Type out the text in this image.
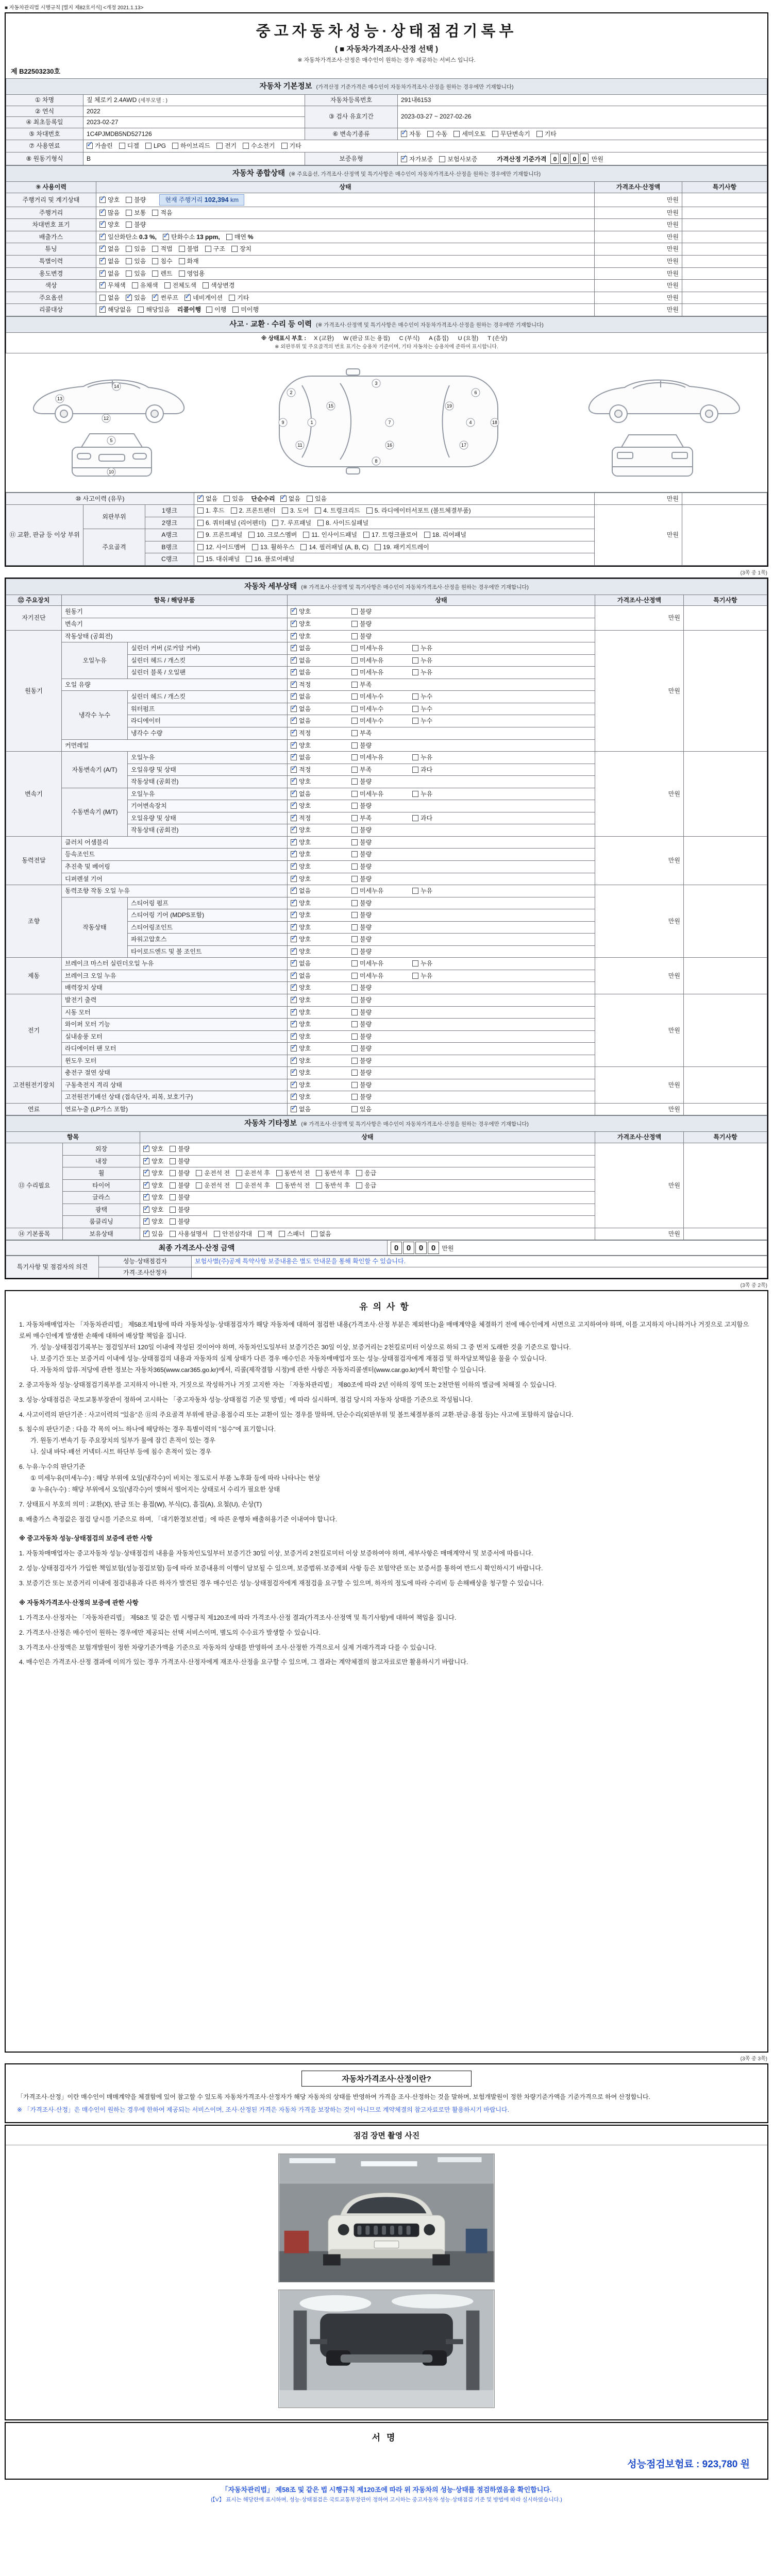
■ 자동차관리법 시행규칙 [별지 제82호서식] <개정 2021.1.13>
중고자동차성능·상태점검기록부
( ■ 자동차가격조사·산정 선택 )
※ 자동차가격조사·산정은 매수인이 원하는 경우 제공하는 서비스 입니다.
제 B22503230호
자동차 기본정보 (가격산정 기준가격은 매수인이 자동차가격조사·산정을 원하는 경우에만 기재합니다)			
① 차명	짚 체로키 2.4AWD (세부모델 : )	자동차등록번호	291내6153
② 연식	2022	③ 검사 유효기간	2023-03-27 ~ 2027-02-26
④ 최초등록일	2023-02-27		
⑤ 차대번호	1C4PJMDB5ND527126	⑥ 변속기종류	✓자동 수동 세미오토 무단변속기 기타
⑦ 사용연료	✓가솔린 디젤 LPG 하이브리드 전기 수소전기 기타
⑧ 원동기형식	B	보증유형	✓자가보증 보험사보증 가격산정 기준가격 0 0 0 0 만원
자동차 종합상태 (※ 주요옵션, 가격조사·산정액 및 특기사항은 매수인이 자동차가격조사·산정을 원하는 경우에만 기재합니다)			
⑨ 사용이력	상태	가격조사·산정액	특기사항
주행거리 및 계기상태	✓양호 불량 현재 주행거리 102,394 km	만원	
주행거리	✓많음 보통 적음	만원	
차대번호 표기	✓양호 불량	만원	
배출가스	✓일산화탄소 0.3 %, ✓ 탄화수소 13 ppm, 매연 %	만원	
튜닝	✓없음 있음 적법 불법 구조 장치	만원	
특별이력	✓없음 있음 침수 화재	만원	
용도변경	✓없음 있음 렌트 영업용	만원	
색상	✓무채색 유채색 전체도색 색상변경	만원	
주요옵션	없음 ✓ 있음 ✓ 썬루프 ✓ 네비게이션 기타	만원	
리콜대상	✓해당없음 해당있음 리콜이행 이행 미이행	만원	
사고 · 교환 · 수리 등 이력 (※ 가격조사·산정액 및 특기사항은 매수인이 자동차가격조사·산정을 원하는 경우에만 기재합니다)
※ 상태표시 부호 : X (교환) W (판금 또는 용접) C (부식) A (흠집) U (요철) T (손상)
※ 외판부위 및 주요골격의 번호 표기는 승용차 기준이며, 기타 자동차는 승용차에 준하여 표시합니다.
1
2
3
4
5
6
7
8
9
10
11
12
13
14
15
16	17
18
19
⑩ 사고이력 (유무)	✓없음 있음 단순수리 ✓ 없음 있음	만원	
⑪ 교환, 판금 등 이상 부위	외판부위	1랭크	1. 후드 2. 프론트펜더 3. 도어 4. 트렁크리드 5. 라디에이터서포트 (볼트체결부품)	만원	
		2랭크	6. 쿼터패널 (리어펜더) 7. 루프패널 8. 사이드실패널		
	주요골격	A랭크	9. 프론트패널 10. 크로스멤버 11. 인사이드패널 17. 트렁크플로어 18. 리어패널		
		B랭크	12. 사이드멤버 13. 휠하우스 14. 필러패널 (A, B, C) 19. 패키지트레이		
		C랭크	15. 대쉬패널 16. 플로어패널		
(3쪽 중 1쪽)
자동차 세부상태 (※ 가격조사·산정액 및 특기사항은 매수인이 자동차가격조사·산정을 원하는 경우에만 기재합니다)					
⑫ 주요장치	항목 / 해당부품		상태	가격조사·산정액	특기사항
자기진단	원동기	✓양호 불량	만원	
	변속기	✓양호 불량
원동기	작동상태 (공회전)	✓양호 불량	만원	
	오일누유	실린더 커버 (로커암 커버)	✓없음 미세누유 누유
		실린더 헤드 / 개스킷	✓없음 미세누유 누유
		실린더 블록 / 오일팬	✓없음 미세누유 누유
	오일 유량	✓적정 부족
	냉각수 누수	실린더 헤드 / 개스킷	✓없음 미세누수 누수
		워터펌프	✓없음 미세누수 누수
		라디에이터	✓없음 미세누수 누수
		냉각수 수량	✓적정 부족
	커먼레일	✓양호 불량
변속기	자동변속기 (A/T)	오일누유	✓없음 미세누유 누유	만원	
		오일유량 및 상태	✓적정 부족 과다
		작동상태 (공회전)	✓양호 불량
	수동변속기 (M/T)	오일누유	✓없음 미세누유 누유
		기어변속장치	✓양호 불량
		오일유량 및 상태	✓적정 부족 과다
		작동상태 (공회전)	✓양호 불량
동력전달	클러치 어셈블리	✓양호 불량	만원	
	등속조인트	✓양호 불량
	추진축 및 베어링	✓양호 불량
	디퍼렌셜 기어	✓양호 불량
조향	동력조향 작동 오일 누유	✓없음 미세누유 누유	만원	
	작동상태	스티어링 펌프	✓양호 불량
		스티어링 기어 (MDPS포함)	✓양호 불량
		스티어링조인트	✓양호 불량
		파워고압호스	✓양호 불량
		타이로드엔드 및 볼 조인트	✓양호 불량
제동	브레이크 마스터 실린더오일 누유	✓없음 미세누유 누유	만원	
	브레이크 오일 누유	✓없음 미세누유 누유
	배력장치 상태	✓양호 불량
전기	발전기 출력	✓양호 불량	만원	
	시동 모터	✓양호 불량
	와이퍼 모터 기능	✓양호 불량
	실내송풍 모터	✓양호 불량
	라디에이터 팬 모터	✓양호 불량
	윈도우 모터	✓양호 불량
고전원전기장치	충전구 절연 상태	✓양호 불량	만원	
	구동축전지 격리 상태	✓양호 불량
	고전원전기배선 상태 (접속단자, 피복, 보호기구)	✓양호 불량
연료	연료누출 (LP가스 포함)	✓없음 있음	만원	
자동차 기타정보 (※ 가격조사·산정액 및 특기사항은 매수인이 자동차가격조사·산정을 원하는 경우에만 기재합니다)				
항목		상태	가격조사·산정액	특기사항
⑬ 수리필요	외장	✓양호 불량	만원	
	내장	✓양호 불량
	휠	✓양호 불량 운전석 전 운전석 후 동반석 전 동반석 후 응급
	타이어	✓양호 불량 운전석 전 운전석 후 동반석 전 동반석 후 응급
	글라스	✓양호 불량
	광택	✓양호 불량
	룸클리닝	✓양호 불량
⑭ 기본품목	보유상태	✓있음 사용설명서 안전삼각대 잭 스패너 없음	만원	
최종 가격조사·산정 금액	0 0 0 0 만원
특기사항 및 점검자의 의견	성능·상태점검자	보험사별(주)공제 특약사항 보증내용은 별도 안내문을 통해 확인할 수 있습니다.
	가격·조사산정자	
(3쪽 중 2쪽)
유의사항
1. 자동차매매업자는 「자동차관리법」 제58조제1항에 따라 자동차성능·상태점검자가 해당 자동차에 대하여 점검한 내용(가격조사·산정 부분은 제외한다)을 매매계약을 체결하기 전에 매수인에게 서면으로 고지하여야 하며, 이를 고지하지 아니하거나 거짓으로 고지함으로써 매수인에게 발생한 손해에 대하여 배상할 책임을 집니다.
가. 성능·상태점검기록부는 점검일부터 120일 이내에 작성된 것이어야 하며, 자동차인도일부터 보증기간은 30일 이상, 보증거리는 2천킬로미터 이상으로 하되 그 중 먼저 도래한 것을 기준으로 합니다.
나. 보증기간 또는 보증거리 이내에 성능·상태점검의 내용과 자동차의 실제 상태가 다른 경우 매수인은 자동차매매업자 또는 성능·상태점검자에게 재점검 및 하자담보책임을 물을 수 있습니다.
다. 자동차의 압류·저당에 관한 정보는 자동차365(www.car365.go.kr)에서, 리콜(제작결함 시정)에 관한 사항은 자동차리콜센터(www.car.go.kr)에서 확인할 수 있습니다.
2. 중고자동차 성능·상태점검기록부를 고지하지 아니한 자, 거짓으로 작성하거나 거짓 고지한 자는 「자동차관리법」 제80조에 따라 2년 이하의 징역 또는 2천만원 이하의 벌금에 처해질 수 있습니다.
3. 성능·상태점검은 국토교통부장관이 정하여 고시하는 「중고자동차 성능·상태점검 기준 및 방법」에 따라 실시하며, 점검 당시의 자동차 상태를 기준으로 작성됩니다.
4. 사고이력의 판단기준 : 사고이력의 "있음"은 ⑪의 주요골격 부위에 판금·용접수리 또는 교환이 있는 경우를 말하며, 단순수리(외판부위 및 볼트체결부품의 교환·판금·용접 등)는 사고에 포함하지 않습니다.
5. 침수의 판단기준 : 다음 각 목의 어느 하나에 해당하는 경우 특별이력의 "침수"에 표기합니다.
가. 원동기·변속기 등 주요장치의 일부가 물에 잠긴 흔적이 있는 경우
나. 실내 바닥·배선 커넥터·시트 하단부 등에 침수 흔적이 있는 경우
6. 누유·누수의 판단기준
① 미세누유(미세누수) : 해당 부위에 오일(냉각수)이 비치는 정도로서 부품 노후화 등에 따라 나타나는 현상
② 누유(누수) : 해당 부위에서 오일(냉각수)이 맺혀서 떨어지는 상태로서 수리가 필요한 상태
7. 상태표시 부호의 의미 : 교환(X), 판금 또는 용접(W), 부식(C), 흠집(A), 요철(U), 손상(T)
8. 배출가스 측정값은 점검 당시를 기준으로 하며, 「대기환경보전법」에 따른 운행차 배출허용기준 이내여야 합니다.
※ 중고자동차 성능·상태점검의 보증에 관한 사항
1. 자동차매매업자는 중고자동차 성능·상태점검의 내용을 자동차인도일부터 보증기간 30일 이상, 보증거리 2천킬로미터 이상 보증하여야 하며, 세부사항은 매매계약서 및 보증서에 따릅니다.
2. 성능·상태점검자가 가입한 책임보험(성능점검보험) 등에 따라 보증내용의 이행이 담보될 수 있으며, 보증범위·보증제외 사항 등은 보험약관 또는 보증서를 통하여 반드시 확인하시기 바랍니다.
3. 보증기간 또는 보증거리 이내에 점검내용과 다른 하자가 발견된 경우 매수인은 성능·상태점검자에게 재점검을 요구할 수 있으며, 하자의 정도에 따라 수리비 등 손해배상을 청구할 수 있습니다.
※ 자동차가격조사·산정의 보증에 관한 사항
1. 가격조사·산정자는 「자동차관리법」 제58조 및 같은 법 시행규칙 제120조에 따라 가격조사·산정 결과(가격조사·산정액 및 특기사항)에 대하여 책임을 집니다.
2. 가격조사·산정은 매수인이 원하는 경우에만 제공되는 선택 서비스이며, 별도의 수수료가 발생할 수 있습니다.
3. 가격조사·산정액은 보험개발원이 정한 차량기준가액을 기준으로 자동차의 상태를 반영하여 조사·산정한 가격으로서 실제 거래가격과 다를 수 있습니다.
4. 매수인은 가격조사·산정 결과에 이의가 있는 경우 가격조사·산정자에게 재조사·산정을 요구할 수 있으며, 그 결과는 계약체결의 참고자료로만 활용하시기 바랍니다.
(3쪽 중 3쪽)
자동차가격조사·산정이란?
「가격조사·산정」이란 매수인이 매매계약을 체결함에 있어 참고할 수 있도록 자동차가격조사·산정자가 해당 자동차의 상태를 반영하여 가격을 조사·산정하는 것을 말하며, 보험개발원이 정한 차량기준가액을 기준가격으로 하여 산정합니다.
※ 「가격조사·산정」은 매수인이 원하는 경우에 한하여 제공되는 서비스이며, 조사·산정된 가격은 자동차 가격을 보장하는 것이 아니므로 계약체결의 참고자료로만 활용하시기 바랍니다.
점검 장면 촬영 사진
서명
성능점검보험료 : 923,780 원
「자동차관리법」 제58조 및 같은 법 시행규칙 제120조에 따라 위 자동차의 성능·상태를 점검하였음을 확인합니다.
(【V】 표시는 해당란에 표시하며, 성능·상태점검은 국토교통부장관이 정하여 고시하는 중고자동차 성능·상태점검 기준 및 방법에 따라 실시하였습니다.)
